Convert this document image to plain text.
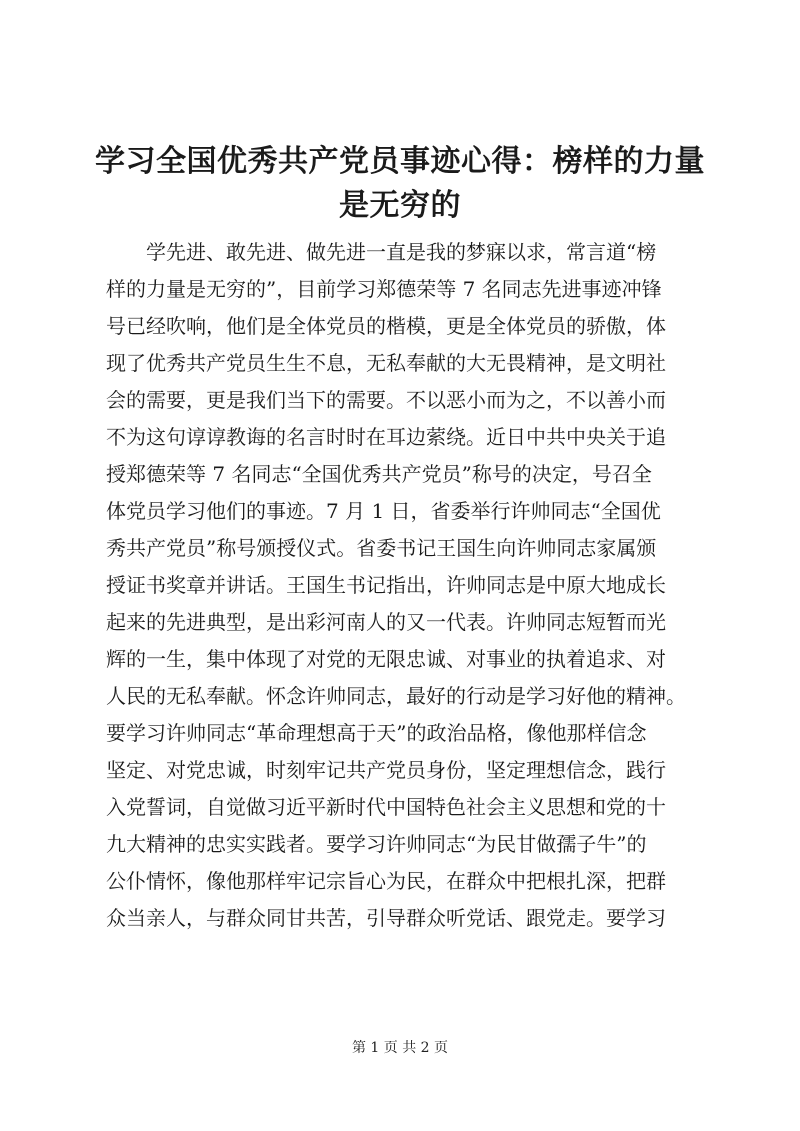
学习全国优秀共产党员事迹心得：榜样的力量
是无穷的
学先进、敢先进、做先进一直是我的梦寐以求，常言道“榜
样的力量是无穷的”，目前学习郑德荣等 7 名同志先进事迹冲锋
号已经吹响，他们是全体党员的楷模，更是全体党员的骄傲，体
现了优秀共产党员生生不息，无私奉献的大无畏精神，是文明社
会的需要，更是我们当下的需要。不以恶小而为之，不以善小而
不为这句谆谆教诲的名言时时在耳边萦绕。近日中共中央关于追
授郑德荣等 7 名同志“全国优秀共产党员”称号的决定，号召全
体党员学习他们的事迹。7 月 1 日，省委举行许帅同志“全国优
秀共产党员”称号颁授仪式。省委书记王国生向许帅同志家属颁
授证书奖章并讲话。王国生书记指出，许帅同志是中原大地成长
起来的先进典型，是出彩河南人的又一代表。许帅同志短暂而光
辉的一生，集中体现了对党的无限忠诚、对事业的执着追求、对
人民的无私奉献。怀念许帅同志，最好的行动是学习好他的精神。
要学习许帅同志“革命理想高于天”的政治品格，像他那样信念
坚定、对党忠诚，时刻牢记共产党员身份，坚定理想信念，践行
入党誓词，自觉做习近平新时代中国特色社会主义思想和党的十
九大精神的忠实实践者。要学习许帅同志“为民甘做孺子牛”的
公仆情怀，像他那样牢记宗旨心为民，在群众中把根扎深，把群
众当亲人，与群众同甘共苦，引导群众听党话、跟党走。要学习
第 1 页 共 2 页
